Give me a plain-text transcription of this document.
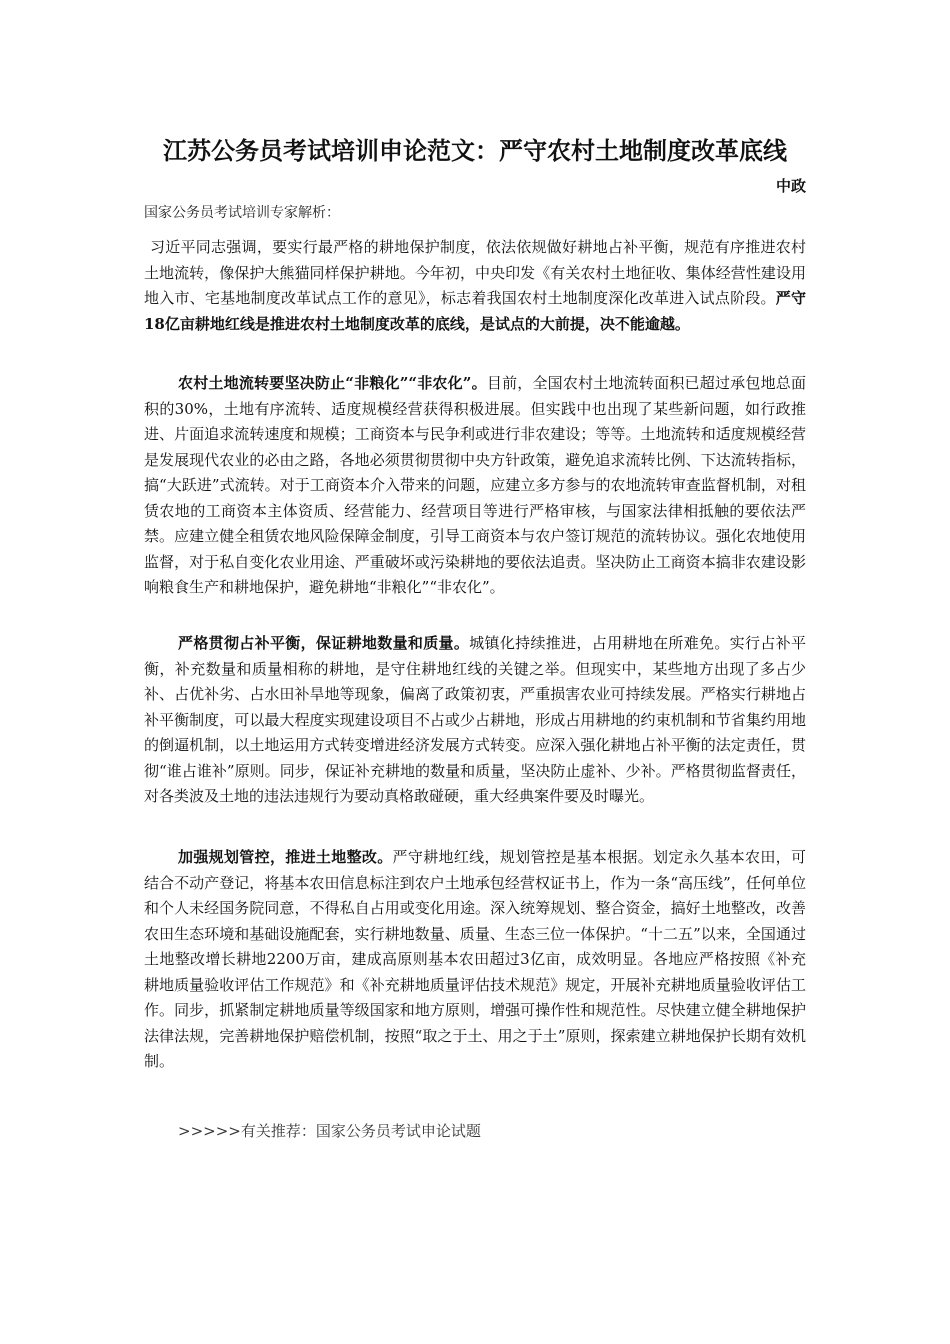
江苏公务员考试培训申论范文：严守农村土地制度改革底线
中政
国家公务员考试培训专家解析：

习近平同志强调，要实行最严格的耕地保护制度，依法依规做好耕地占补平衡，规范有序推进农村土地流转，像保护大熊猫同样保护耕地。今年初，中央印发《有关农村土地征收、集体经营性建设用地入市、宅基地制度改革试点工作的意见》，标志着我国农村土地制度深化改革进入试点阶段。严守18亿亩耕地红线是推进农村土地制度改革的底线，是试点的大前提，决不能逾越。

农村土地流转要坚决防止“非粮化”“非农化”。目前，全国农村土地流转面积已超过承包地总面积的30%，土地有序流转、适度规模经营获得积极进展。但实践中也出现了某些新问题，如行政推进、片面追求流转速度和规模；工商资本与民争利或进行非农建设；等等。土地流转和适度规模经营是发展现代农业的必由之路，各地必须贯彻贯彻中央方针政策，避免追求流转比例、下达流转指标，搞“大跃进”式流转。对于工商资本介入带来的问题，应建立多方参与的农地流转审查监督机制，对租赁农地的工商资本主体资质、经营能力、经营项目等进行严格审核，与国家法律相抵触的要依法严禁。应建立健全租赁农地风险保障金制度，引导工商资本与农户签订规范的流转协议。强化农地使用监督，对于私自变化农业用途、严重破坏或污染耕地的要依法追责。坚决防止工商资本搞非农建设影响粮食生产和耕地保护，避免耕地“非粮化”“非农化”。

严格贯彻占补平衡，保证耕地数量和质量。城镇化持续推进，占用耕地在所难免。实行占补平衡，补充数量和质量相称的耕地，是守住耕地红线的关键之举。但现实中，某些地方出现了多占少补、占优补劣、占水田补旱地等现象，偏离了政策初衷，严重损害农业可持续发展。严格实行耕地占补平衡制度，可以最大程度实现建设项目不占或少占耕地，形成占用耕地的约束机制和节省集约用地的倒逼机制，以土地运用方式转变增进经济发展方式转变。应深入强化耕地占补平衡的法定责任，贯彻“谁占谁补”原则。同步，保证补充耕地的数量和质量，坚决防止虚补、少补。严格贯彻监督责任，对各类波及土地的违法违规行为要动真格敢碰硬，重大经典案件要及时曝光。

加强规划管控，推进土地整改。严守耕地红线，规划管控是基本根据。划定永久基本农田，可结合不动产登记，将基本农田信息标注到农户土地承包经营权证书上，作为一条“高压线”，任何单位和个人未经国务院同意，不得私自占用或变化用途。深入统筹规划、整合资金，搞好土地整改，改善农田生态环境和基础设施配套，实行耕地数量、质量、生态三位一体保护。“十二五”以来，全国通过土地整改增长耕地2200万亩，建成高原则基本农田超过3亿亩，成效明显。各地应严格按照《补充耕地质量验收评估工作规范》和《补充耕地质量评估技术规范》规定，开展补充耕地质量验收评估工作。同步，抓紧制定耕地质量等级国家和地方原则，增强可操作性和规范性。尽快建立健全耕地保护法律法规，完善耕地保护赔偿机制，按照“取之于土、用之于土”原则，探索建立耕地保护长期有效机制。

>>>>>有关推荐：国家公务员考试申论试题
